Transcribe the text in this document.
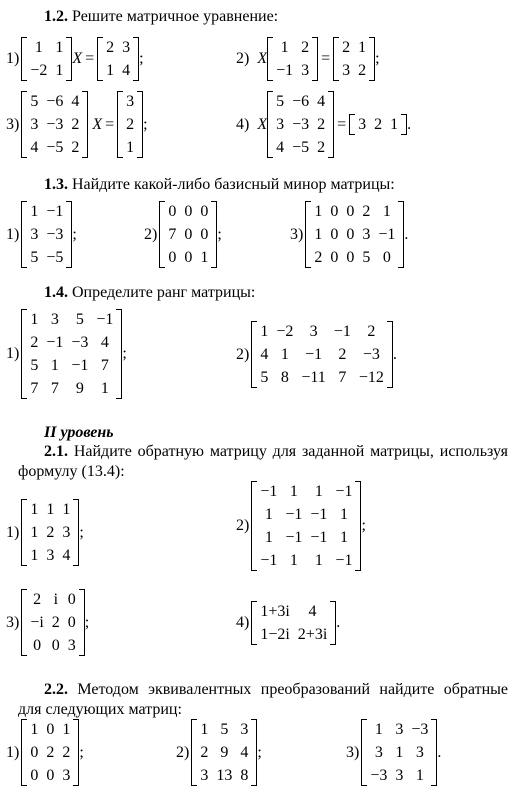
1.2. Решите матричное уравнение:
1)
1	1
−2	1
X =
2	3
1	4
;	2) X
1	2
−1	3
=
2	1
3	2
;
3)
5	−6	4
3	−3	2
4	−5	2
X =
3
2
1
;	4) X
5	−6	4
3	−3	2
4	−5	2
= 3	2	1 .
1.3. Найдите какой-либо базисный минор матрицы:
1)
1	−1
3	−3
5	−5
;	2)
0	0	0
7	0	0
0	0	1
;	3)
1	0	0	2	1
1	0	0	3	−1
2	0	0	5	0
.
1.4. Определите ранг матрицы:
1)
1	3	5	−1
2	−1	−3	4
5	1	−1	7
7	7	9	1
;	2)
1	−2	3	−1	2
4	1	−1	2	−3
5	8	−11	7	−12
.
II уровень
2.1. Найдите обратную матрицу для заданной матрицы, используя формулу (13.4):
1)
1	1	1
1	2	3
1	3	4
;	2)
−1	1	1	−1
1	−1	−1	1
1	−1	−1	1
−1	1	1	−1
;
3)
2	i	0
−i	2	0
0	0	3
;	4)
1+3i	4
1−2i	2+3i
.
2.2. Методом эквивалентных преобразований найдите обратные для следующих матриц:
1)
1	0	1
0	2	2
0	0	3
;	2)
1	5	3
2	9	4
3	13	8
;	3)
1	3	−3
3	1	3
−3	3	1
.
